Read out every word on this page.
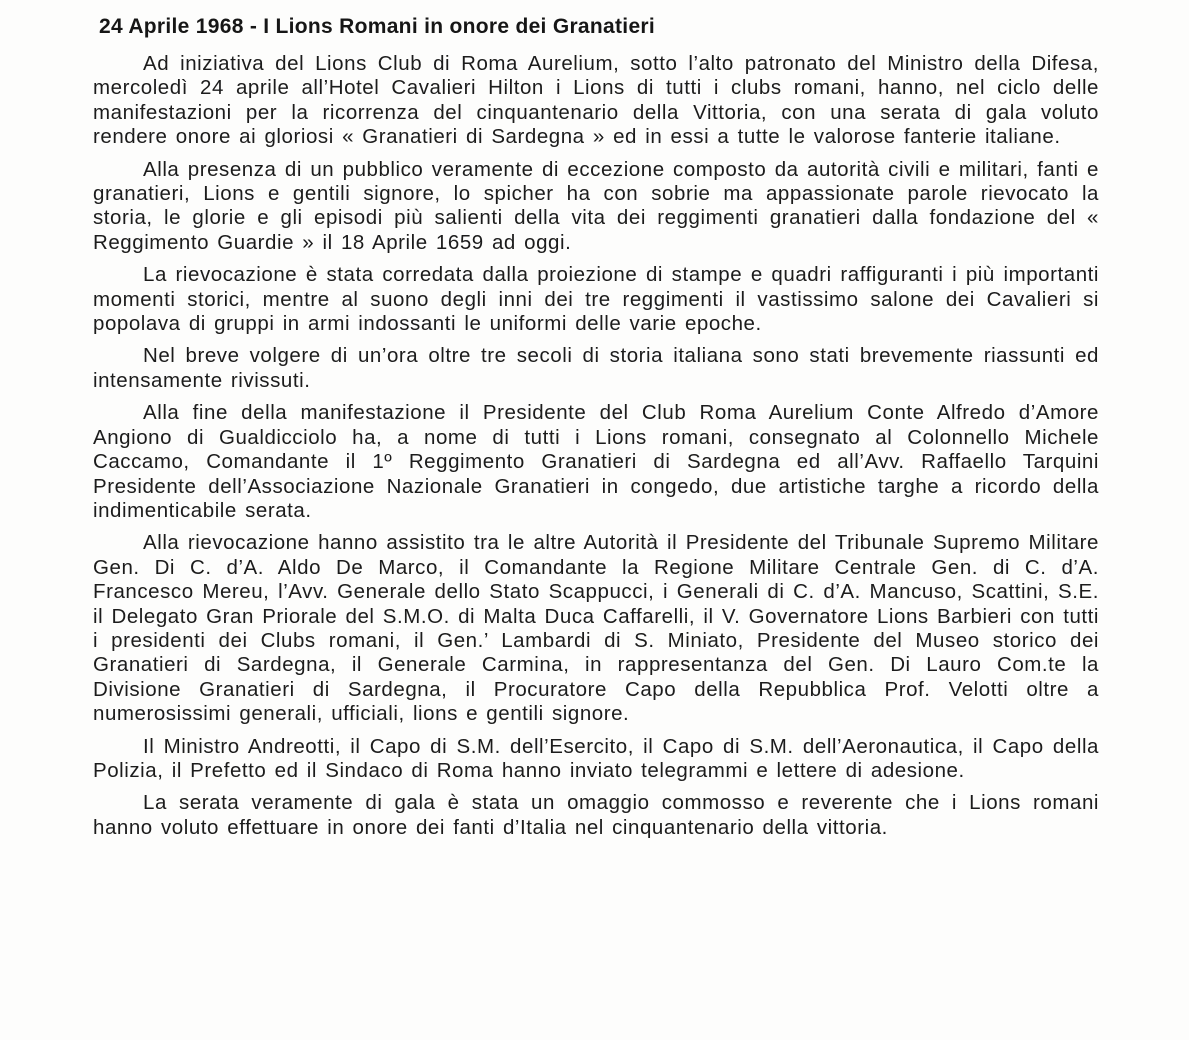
24 Aprile 1968 - I Lions Romani in onore dei Granatieri

Ad iniziativa del Lions Club di Roma Aurelium, sotto l’alto patronato del Ministro della Difesa, mercoledì 24 aprile all’Hotel Cavalieri Hilton i Lions di tutti i clubs romani, hanno, nel ciclo delle manifestazioni per la ricorrenza del cinquantenario della Vittoria, con una serata di gala voluto rendere onore ai gloriosi « Granatieri di Sardegna » ed in essi a tutte le valorose fanterie italiane.

Alla presenza di un pubblico veramente di eccezione composto da autorità civili e militari, fanti e granatieri, Lions e gentili signore, lo spicher ha con sobrie ma appassionate parole rievocato la storia, le glorie e gli episodi più salienti della vita dei reggimenti granatieri dalla fondazione del « Reggimento Guardie » il 18 Aprile 1659 ad oggi.

La rievocazione è stata corredata dalla proiezione di stampe e quadri raffiguranti i più importanti momenti storici, mentre al suono degli inni dei tre reggimenti il vastissimo salone dei Cavalieri si popolava di gruppi in armi indossanti le uniformi delle varie epoche.

Nel breve volgere di un’ora oltre tre secoli di storia italiana sono stati brevemente riassunti ed intensamente rivissuti.

Alla fine della manifestazione il Presidente del Club Roma Aurelium Conte Alfredo d’Amore Angiono di Gualdicciolo ha, a nome di tutti i Lions romani, consegnato al Colonnello Michele Caccamo, Comandante il 1º Reggimento Granatieri di Sardegna ed all’Avv. Raffaello Tarquini Presidente dell’Associazione Nazionale Granatieri in congedo, due artistiche targhe a ricordo della indimenticabile serata.

Alla rievocazione hanno assistito tra le altre Autorità il Presidente del Tribunale Supremo Militare Gen. Di C. d’A. Aldo De Marco, il Comandante la Regione Militare Centrale Gen. di C. d’A. Francesco Mereu, l’Avv. Generale dello Stato Scappucci, i Generali di C. d’A. Mancuso, Scattini, S.E. il Delegato Gran Priorale del S.M.O. di Malta Duca Caffarelli, il V. Governatore Lions Barbieri con tutti i presidenti dei Clubs romani, il Gen.’ Lambardi di S. Miniato, Presidente del Museo storico dei Granatieri di Sardegna, il Generale Carmina, in rappresentanza del Gen. Di Lauro Com.te la Divisione Granatieri di Sardegna, il Procuratore Capo della Repubblica Prof. Velotti oltre a numerosissimi generali, ufficiali, lions e gentili signore.

Il Ministro Andreotti, il Capo di S.M. dell’Esercito, il Capo di S.M. dell’Aeronautica, il Capo della Polizia, il Prefetto ed il Sindaco di Roma hanno inviato telegrammi e lettere di adesione.

La serata veramente di gala è stata un omaggio commosso e reverente che i Lions romani hanno voluto effettuare in onore dei fanti d’Italia nel cinquantenario della vittoria.
